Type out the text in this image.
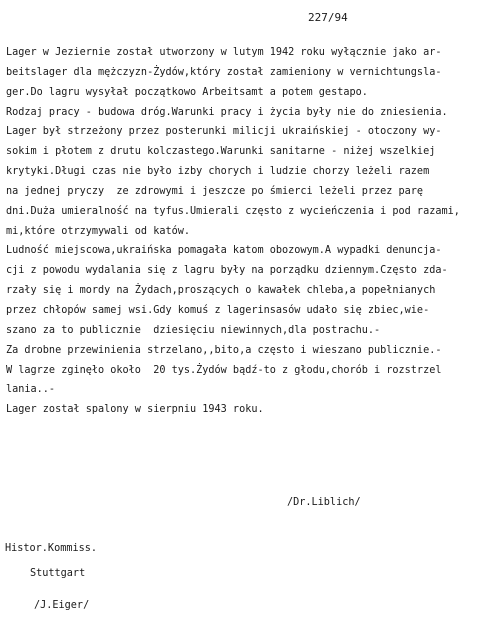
227/94
Lager w Jeziernie został utworzony w lutym 1942 roku wyłącznie jako ar-
beitslager dla mężczyzn-Żydów,który został zamieniony w vernichtungsla-
ger.Do lagru wysyłał początkowo Arbeitsamt a potem gestapo.
Rodzaj pracy - budowa dróg.Warunki pracy i życia były nie do zniesienia.
Lager był strzeżony przez posterunki milicji ukraińskiej - otoczony wy-
sokim i płotem z drutu kolczastego.Warunki sanitarne - niżej wszelkiej
krytyki.Długi czas nie było izby chorych i ludzie chorzy leżeli razem
na jednej pryczy  ze zdrowymi i jeszcze po śmierci leżeli przez parę
dni.Duża umieralność na tyfus.Umierali często z wycieńczenia i pod razami,
mi,które otrzymywali od katów.
Ludność miejscowa,ukraińska pomagała katom obozowym.A wypadki denuncja-
cji z powodu wydalania się z lagru były na porządku dziennym.Często zda-
rzały się i mordy na Żydach,proszących o kawałek chleba,a popełnianych
przez chłopów samej wsi.Gdy komuś z lagerinsasów udało się zbiec,wie-
szano za to publicznie  dziesięciu niewinnych,dla postrachu.-
Za drobne przewinienia strzelano,,bito,a często i wieszano publicznie.-
W lagrze zginęło około  20 tys.Żydów bądź-to z głodu,chorób i rozstrzel
lania..-
Lager został spalony w sierpniu 1943 roku.
/Dr.Liblich/
Histor.Kommiss.
Stuttgart
/J.Eiger/
